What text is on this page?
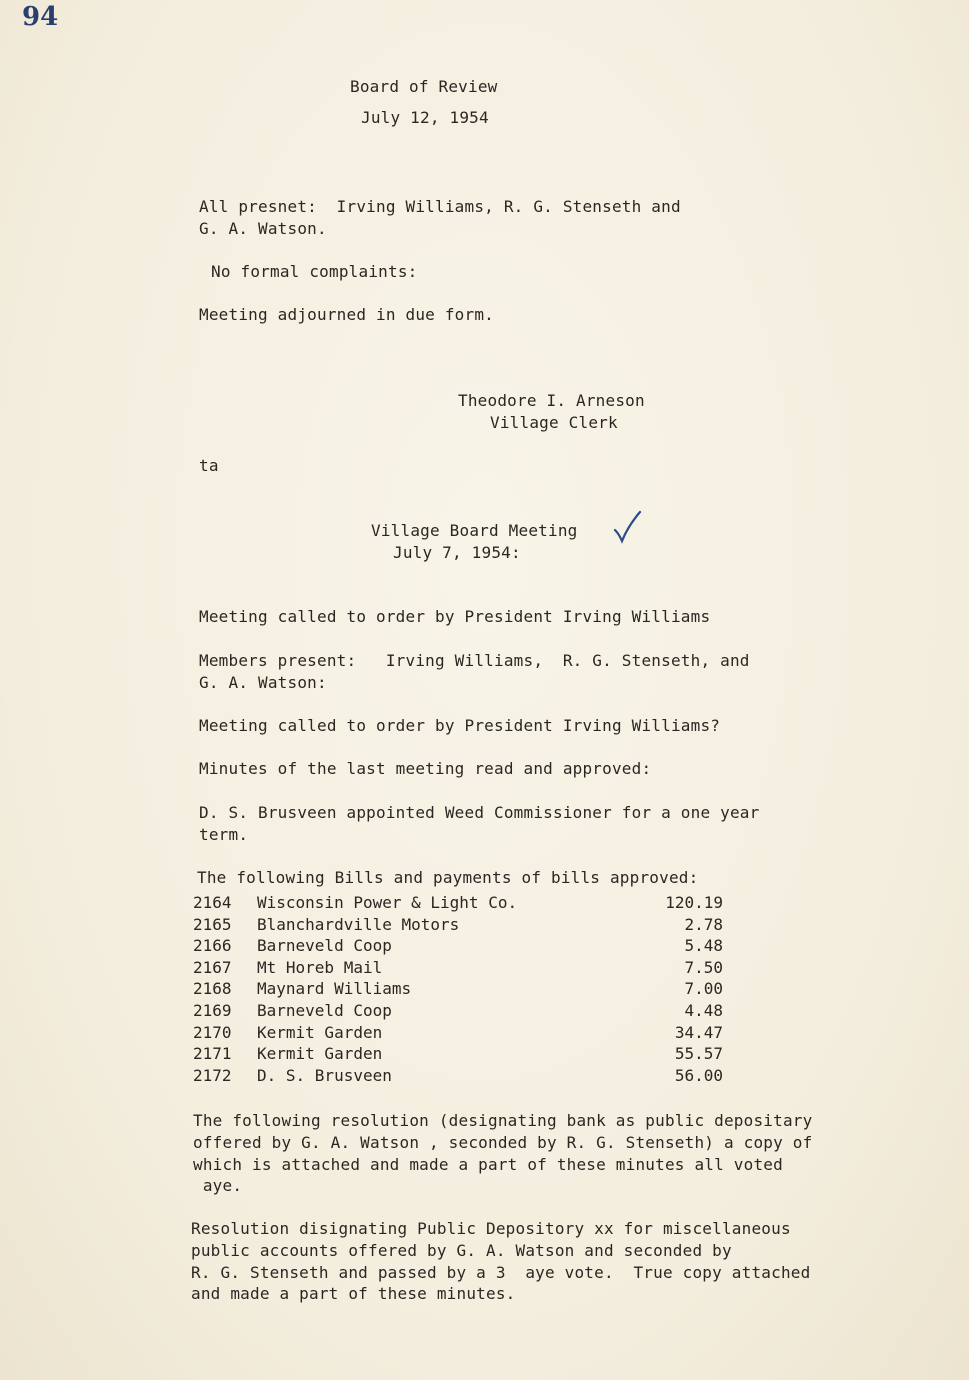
94
Board of Review
July 12, 1954
All presnet:  Irving Williams, R. G. Stenseth and
G. A. Watson.
No formal complaints:
Meeting adjourned in due form.
Theodore I. Arneson
Village Clerk
ta
Village Board Meeting
July 7, 1954:
Meeting called to order by President Irving Williams
Members present:   Irving Williams,  R. G. Stenseth, and
G. A. Watson:
Meeting called to order by President Irving Williams?
Minutes of the last meeting read and approved:
D. S. Brusveen appointed Weed Commissioner for a one year
term.
The following Bills and payments of bills approved:
2164 Wisconsin Power & Light Co.	120.19
2165 Blanchardville Motors	2.78
2166 Barneveld Coop	5.48
2167 Mt Horeb Mail	7.50
2168 Maynard Williams	7.00
2169 Barneveld Coop	4.48
2170 Kermit Garden	34.47
2171 Kermit Garden	55.57
2172 D. S. Brusveen	56.00
The following resolution (designating bank as public depositary
offered by G. A. Watson , seconded by R. G. Stenseth) a copy of
which is attached and made a part of these minutes all voted
aye.
Resolution disignating Public Depository xx for miscellaneous
public accounts offered by G. A. Watson and seconded by
R. G. Stenseth and passed by a 3  aye vote.  True copy attached
and made a part of these minutes.
